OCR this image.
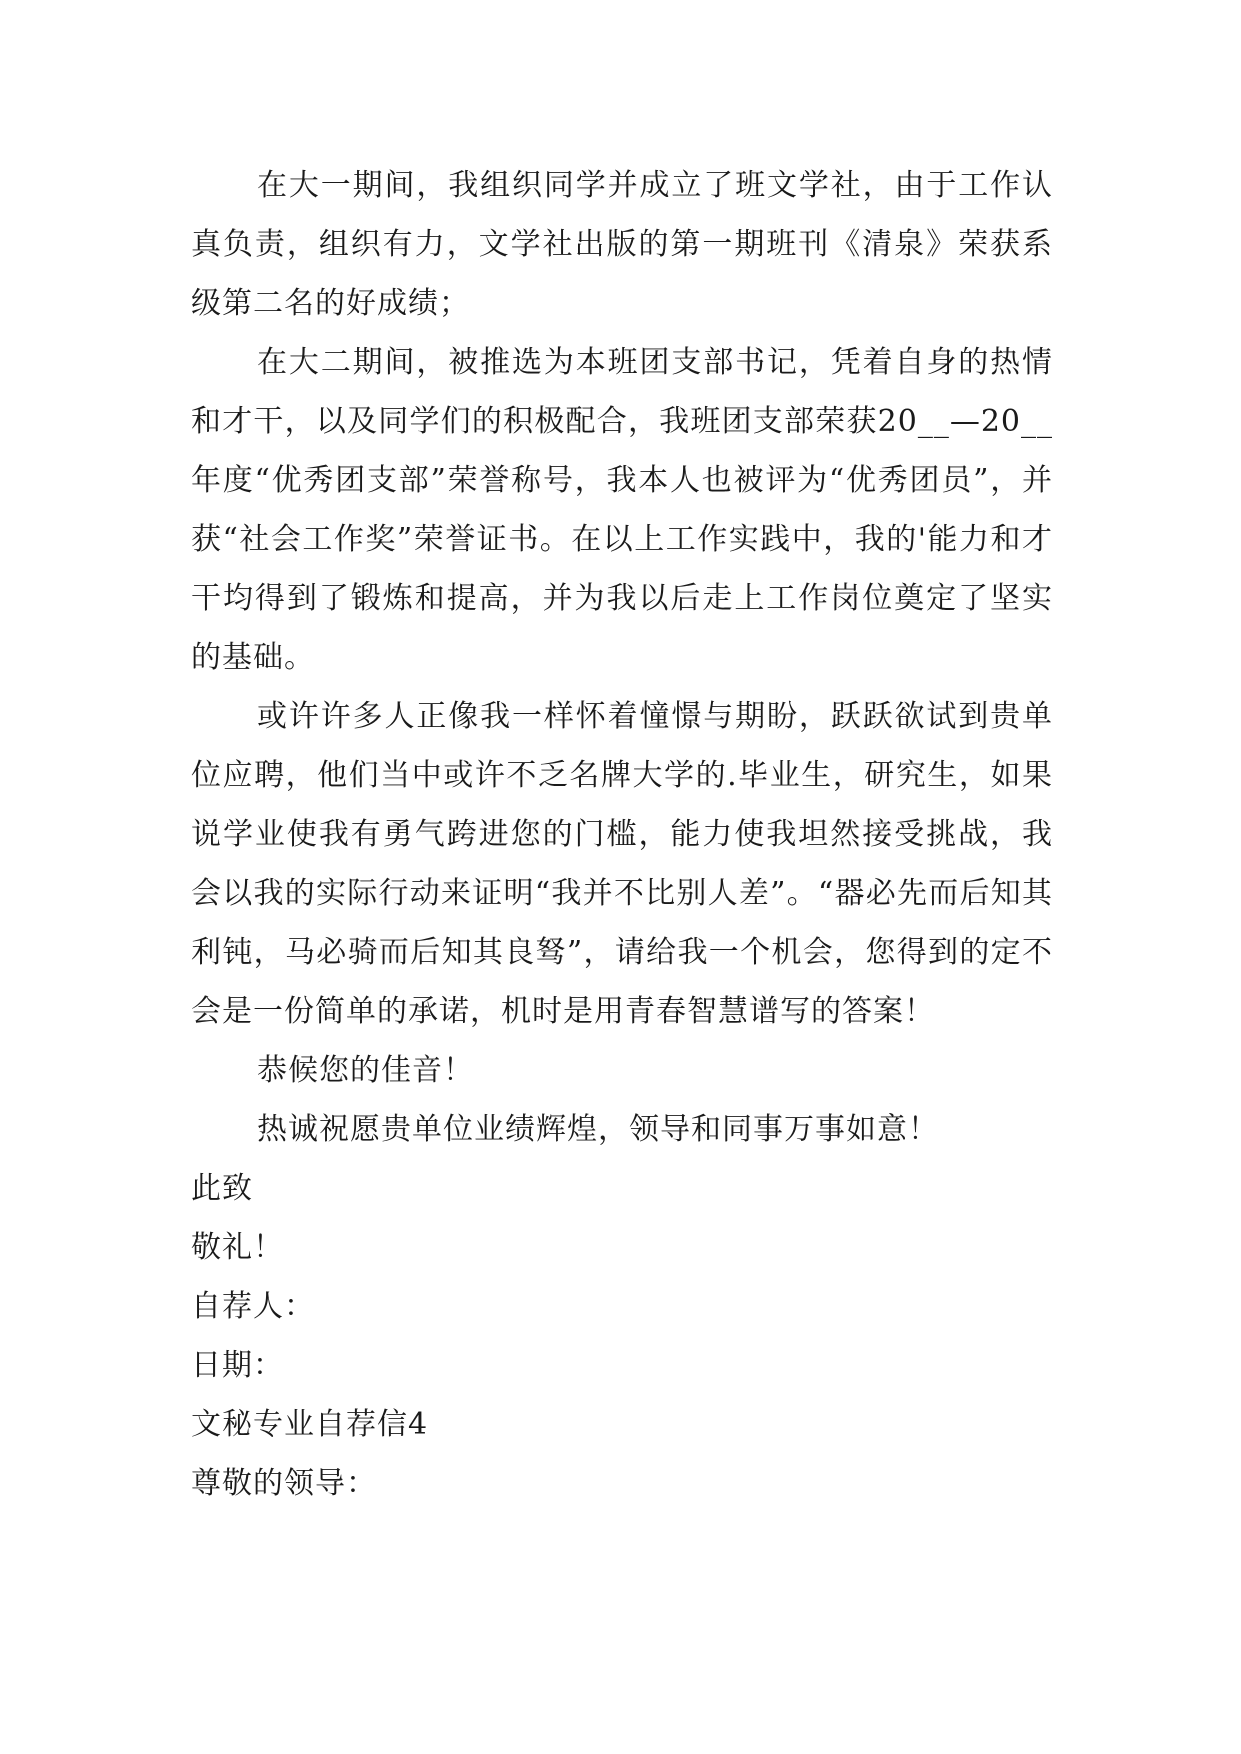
在大一期间，我组织同学并成立了班文学社，由于工作认真负责，组织有力，文学社出版的第一期班刊《清泉》荣获系级第二名的好成绩；

在大二期间，被推选为本班团支部书记，凭着自身的热情和才干，以及同学们的积极配合，我班团支部荣获20__—20__年度“优秀团支部”荣誉称号，我本人也被评为“优秀团员”，并获“社会工作奖”荣誉证书。在以上工作实践中，我的'能力和才干均得到了锻炼和提高，并为我以后走上工作岗位奠定了坚实的基础。

或许许多人正像我一样怀着憧憬与期盼，跃跃欲试到贵单位应聘，他们当中或许不乏名牌大学的.毕业生，研究生，如果说学业使我有勇气跨进您的门槛，能力使我坦然接受挑战，我会以我的实际行动来证明“我并不比别人差”。“器必先而后知其利钝，马必骑而后知其良驽”，请给我一个机会，您得到的定不会是一份简单的承诺，机时是用青春智慧谱写的答案！

恭候您的佳音！

热诚祝愿贵单位业绩辉煌，领导和同事万事如意！

此致

敬礼！

自荐人：

日期：

文秘专业自荐信4

尊敬的领导：
